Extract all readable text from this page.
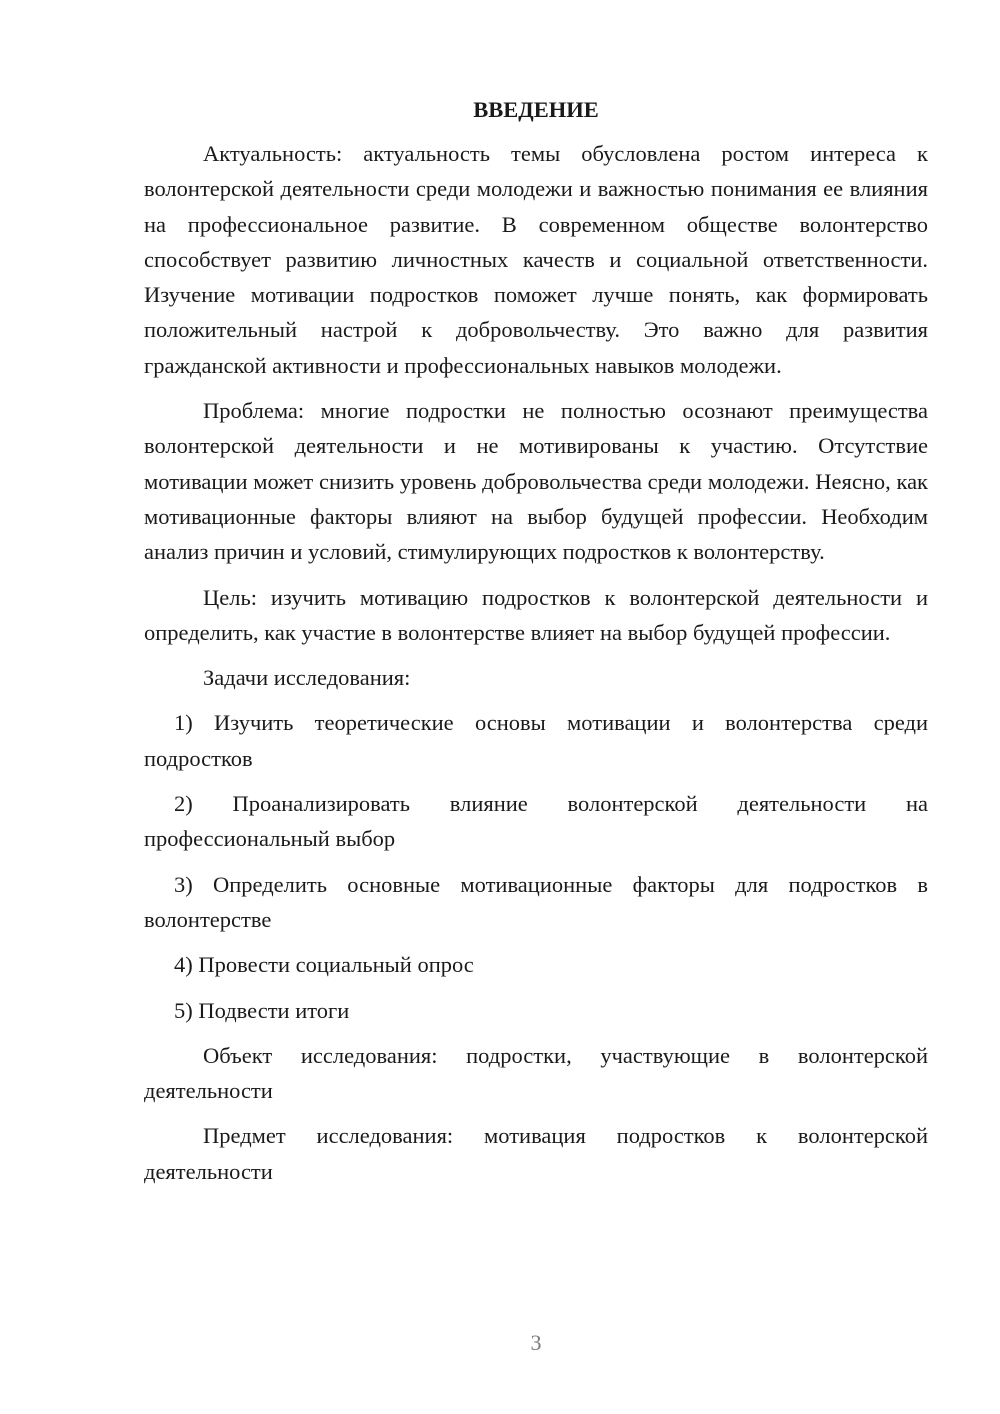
ВВЕДЕНИЕ

Актуальность: актуальность темы обусловлена ростом интереса к волонтерской деятельности среди молодежи и важностью понимания ее влияния на профессиональное развитие. В современном обществе волонтерство способствует развитию личностных качеств и социальной ответственности. Изучение мотивации подростков поможет лучше понять, как формировать положительный настрой к добровольчеству. Это важно для развития гражданской активности и профессиональных навыков молодежи.

Проблема: многие подростки не полностью осознают преимущества волонтерской деятельности и не мотивированы к участию. Отсутствие мотивации может снизить уровень добровольчества среди молодежи. Неясно, как мотивационные факторы влияют на выбор будущей профессии. Необходим анализ причин и условий, стимулирующих подростков к волонтерству.

Цель: изучить мотивацию подростков к волонтерской деятельности и определить, как участие в волонтерстве влияет на выбор будущей профессии.

Задачи исследования:

1) Изучить теоретические основы мотивации и волонтерства среди подростков

2) Проанализировать влияние волонтерской деятельности на профессиональный выбор

3) Определить основные мотивационные факторы для подростков в волонтерстве

4) Провести социальный опрос

5) Подвести итоги

Объект исследования: подростки, участвующие в волонтерской деятельности

Предмет исследования: мотивация подростков к волонтерской деятельности

3
